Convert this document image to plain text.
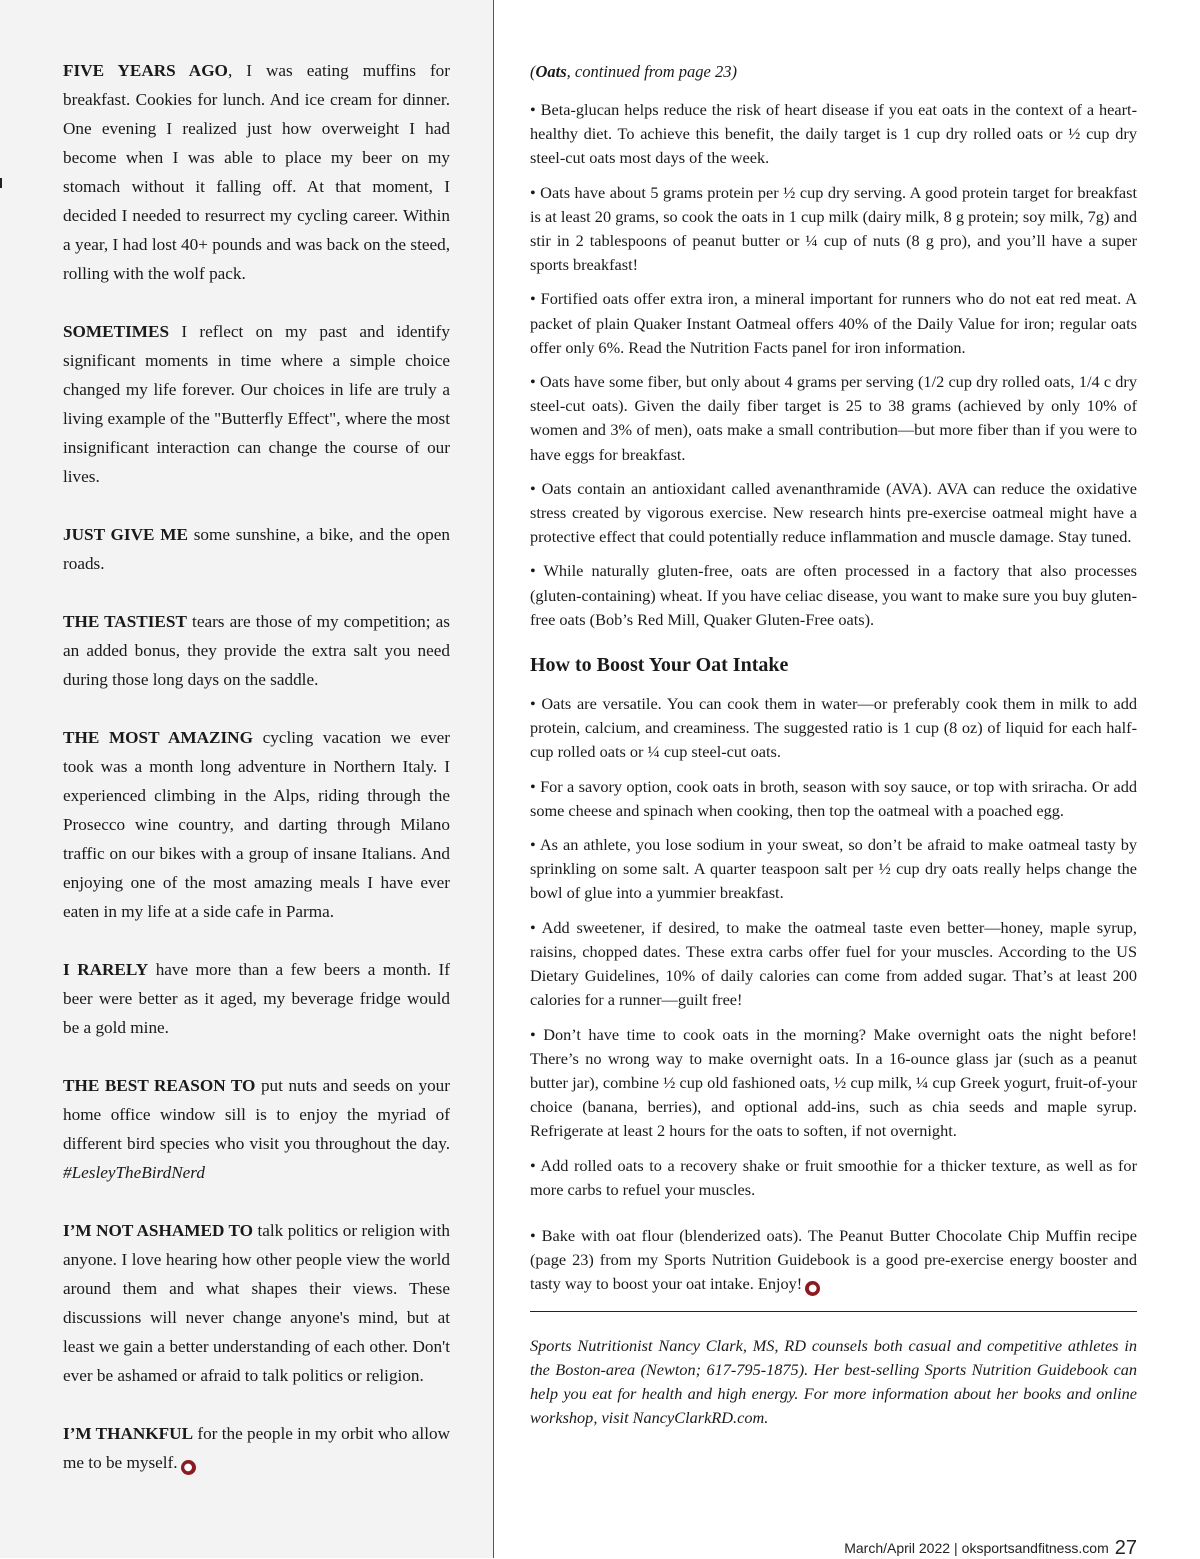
FIVE YEARS AGO, I was eating muffins for breakfast. Cookies for lunch. And ice cream for dinner. One evening I realized just how overweight I had become when I was able to place my beer on my stomach without it falling off. At that moment, I decided I needed to resurrect my cycling career. Within a year, I had lost 40+ pounds and was back on the steed, rolling with the wolf pack.

SOMETIMES I reflect on my past and identify significant moments in time where a simple choice changed my life forever. Our choices in life are truly a living example of the "Butterfly Effect", where the most insignificant interaction can change the course of our lives.

JUST GIVE ME some sunshine, a bike, and the open roads.

THE TASTIEST tears are those of my competition; as an added bonus, they provide the extra salt you need during those long days on the saddle.

THE MOST AMAZING cycling vacation we ever took was a month long adventure in Northern Italy. I experienced climbing in the Alps, riding through the Prosecco wine country, and darting through Milano traffic on our bikes with a group of insane Italians. And enjoying one of the most amazing meals I have ever eaten in my life at a side cafe in Parma.

I RARELY have more than a few beers a month. If beer were better as it aged, my beverage fridge would be a gold mine.

THE BEST REASON TO put nuts and seeds on your home office window sill is to enjoy the myriad of different bird species who visit you throughout the day. #LesleyTheBirdNerd

I’M NOT ASHAMED TO talk politics or religion with anyone. I love hearing how other people view the world around them and what shapes their views. These discussions will never change anyone's mind, but at least we gain a better understanding of each other. Don't ever be ashamed or afraid to talk politics or religion.

I’M THANKFUL for the people in my orbit who allow me to be myself. ●

(Oats, continued from page 23)

• Beta-glucan helps reduce the risk of heart disease if you eat oats in the context of a heart-healthy diet. To achieve this benefit, the daily target is 1 cup dry rolled oats or ½ cup dry steel-cut oats most days of the week.

• Oats have about 5 grams protein per ½ cup dry serving. A good protein target for breakfast is at least 20 grams, so cook the oats in 1 cup milk (dairy milk, 8 g protein; soy milk, 7g) and stir in 2 tablespoons of peanut butter or ¼ cup of nuts (8 g pro), and you’ll have a super sports breakfast!

• Fortified oats offer extra iron, a mineral important for runners who do not eat red meat. A packet of plain Quaker Instant Oatmeal offers 40% of the Daily Value for iron; regular oats offer only 6%. Read the Nutrition Facts panel for iron information.

• Oats have some fiber, but only about 4 grams per serving (1/2 cup dry rolled oats, 1/4 c dry steel-cut oats). Given the daily fiber target is 25 to 38 grams (achieved by only 10% of women and 3% of men), oats make a small contribution—but more fiber than if you were to have eggs for breakfast.

• Oats contain an antioxidant called avenanthramide (AVA). AVA can reduce the oxidative stress created by vigorous exercise. New research hints pre-exercise oatmeal might have a protective effect that could potentially reduce inflammation and muscle damage. Stay tuned.

• While naturally gluten-free, oats are often processed in a factory that also processes (gluten-containing) wheat. If you have celiac disease, you want to make sure you buy gluten-free oats (Bob’s Red Mill, Quaker Gluten-Free oats).

How to Boost Your Oat Intake

• Oats are versatile. You can cook them in water—or preferably cook them in milk to add protein, calcium, and creaminess. The suggested ratio is 1 cup (8 oz) of liquid for each half-cup rolled oats or ¼ cup steel-cut oats.

• For a savory option, cook oats in broth, season with soy sauce, or top with sriracha. Or add some cheese and spinach when cooking, then top the oatmeal with a poached egg.

• As an athlete, you lose sodium in your sweat, so don’t be afraid to make oatmeal tasty by sprinkling on some salt. A quarter teaspoon salt per ½ cup dry oats really helps change the bowl of glue into a yummier breakfast.

• Add sweetener, if desired, to make the oatmeal taste even better—honey, maple syrup, raisins, chopped dates. These extra carbs offer fuel for your muscles. According to the US Dietary Guidelines, 10% of daily calories can come from added sugar. That’s at least 200 calories for a runner—guilt free!

• Don’t have time to cook oats in the morning? Make overnight oats the night before! There’s no wrong way to make overnight oats. In a 16-ounce glass jar (such as a peanut butter jar), combine ½ cup old fashioned oats, ½ cup milk, ¼ cup Greek yogurt, fruit-of-your choice (banana, berries), and optional add-ins, such as chia seeds and maple syrup. Refrigerate at least 2 hours for the oats to soften, if not overnight.

• Add rolled oats to a recovery shake or fruit smoothie for a thicker texture, as well as for more carbs to refuel your muscles.

• Bake with oat flour (blenderized oats). The Peanut Butter Chocolate Chip Muffin recipe (page 23) from my Sports Nutrition Guidebook is a good pre-exercise energy booster and tasty way to boost your oat intake. Enjoy! ●

Sports Nutritionist Nancy Clark, MS, RD counsels both casual and competitive athletes in the Boston-area (Newton; 617-795-1875). Her best-selling Sports Nutrition Guidebook can help you eat for health and high energy. For more information about her books and online workshop, visit NancyClarkRD.com.

March/April 2022 | oksportsandfitness.com 27
